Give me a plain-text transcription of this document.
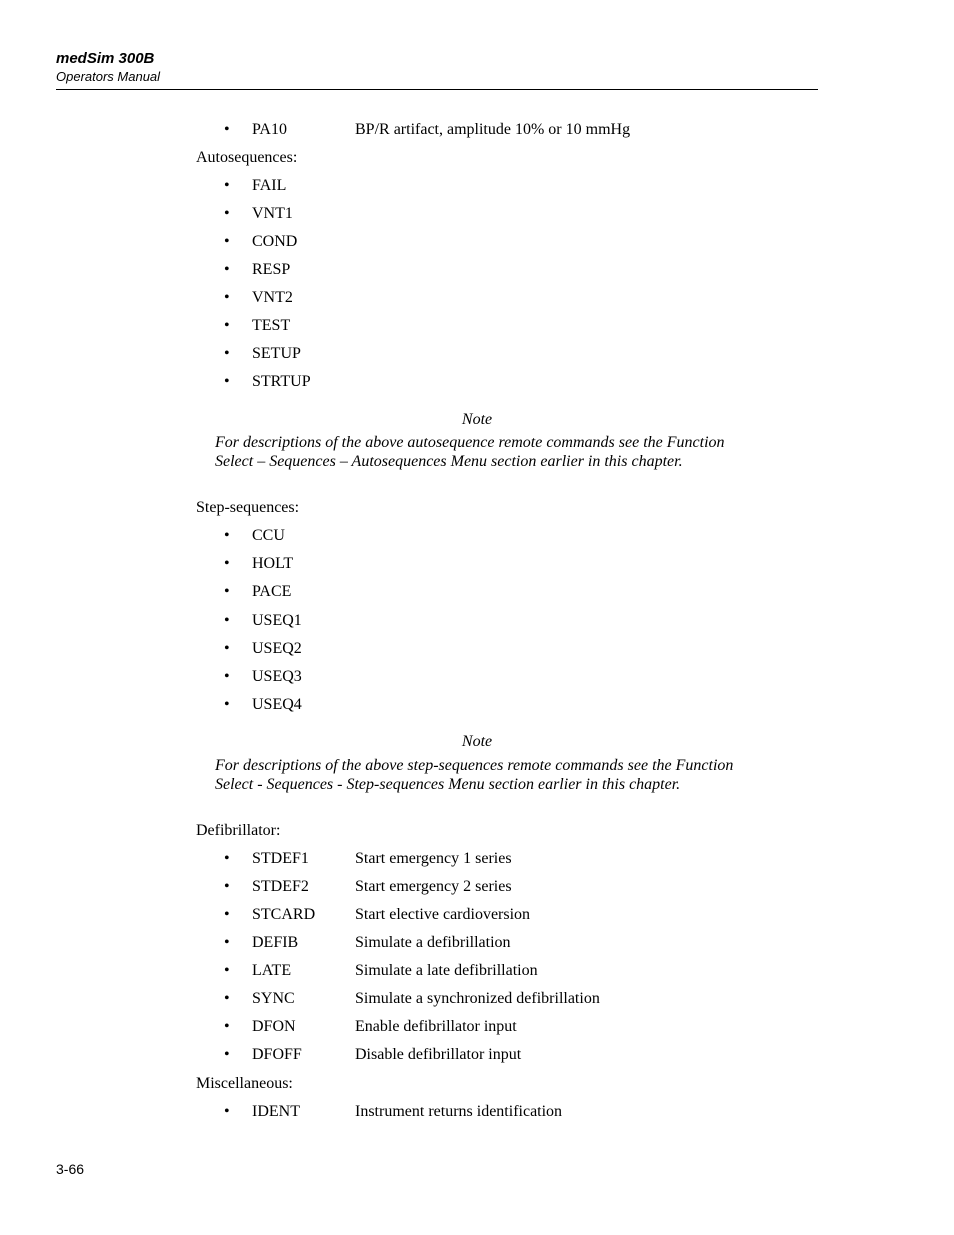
medSim 300B
Operators Manual
• PA10	BP/R artifact, amplitude 10% or 10 mmHg
Autosequences:
• FAIL
• VNT1
• COND
• RESP
• VNT2
• TEST
• SETUP
• STRTUP
Note
For descriptions of the above autosequence remote commands see the Function Select – Sequences – Autosequences Menu section earlier in this chapter.
Step-sequences:
• CCU
• HOLT
• PACE
• USEQ1
• USEQ2
• USEQ3
• USEQ4
Note
For descriptions of the above step-sequences remote commands see the Function Select - Sequences - Step-sequences Menu section earlier in this chapter.
Defibrillator:
• STDEF1	Start emergency 1 series
• STDEF2	Start emergency 2 series
• STCARD Start elective cardioversion
• DEFIB	Simulate a defibrillation
• LATE	Simulate a late defibrillation
• SYNC	Simulate a synchronized defibrillation
• DFON	Enable defibrillator input
• DFOFF	Disable defibrillator input
Miscellaneous:
• IDENT	Instrument returns identification
3-66
